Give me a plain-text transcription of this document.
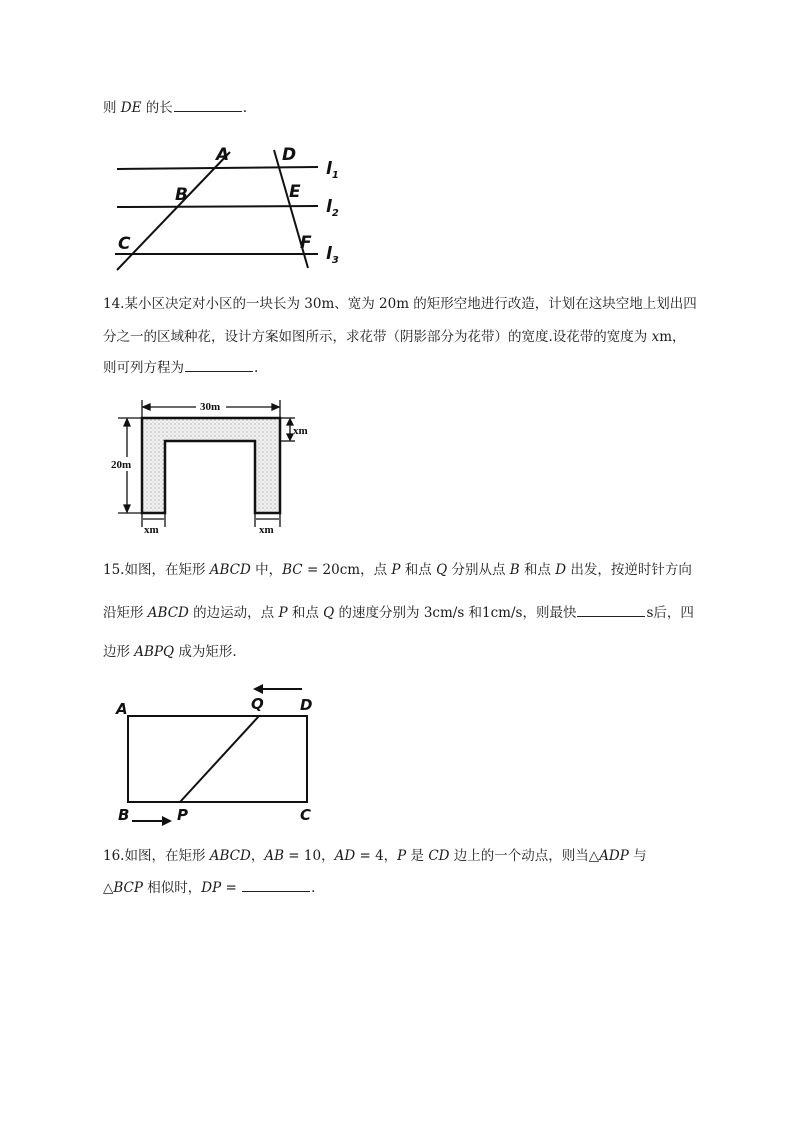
则 DE 的长	.
A
B
C
D
E
F
$l_1$
$l_2$
$l_3$
14.某小区决定对小区的一块长为 30m、宽为 20m 的矩形空地进行改造，计划在这块空地上划出四
分之一的区域种花，设计方案如图所示，求花带（阴影部分为花带）的宽度.设花带的宽度为 xm，
则可列方程为	.
30m
20m
xm
xm	xm
15.如图，在矩形 ABCD 中，BC = 20cm，点 P 和点 Q 分别从点 B 和点 D 出发，按逆时针方向
沿矩形 ABCD 的边运动，点 P 和点 Q 的速度分别为 3cm/s 和1cm/s，则最快	s后，四
边形 ABPQ 成为矩形.
A	Q D
B	P	C
16.如图，在矩形 ABCD，AB = 10，AD = 4，P 是 CD 边上的一个动点，则当△ADP 与
△BCP 相似时，DP =	.
